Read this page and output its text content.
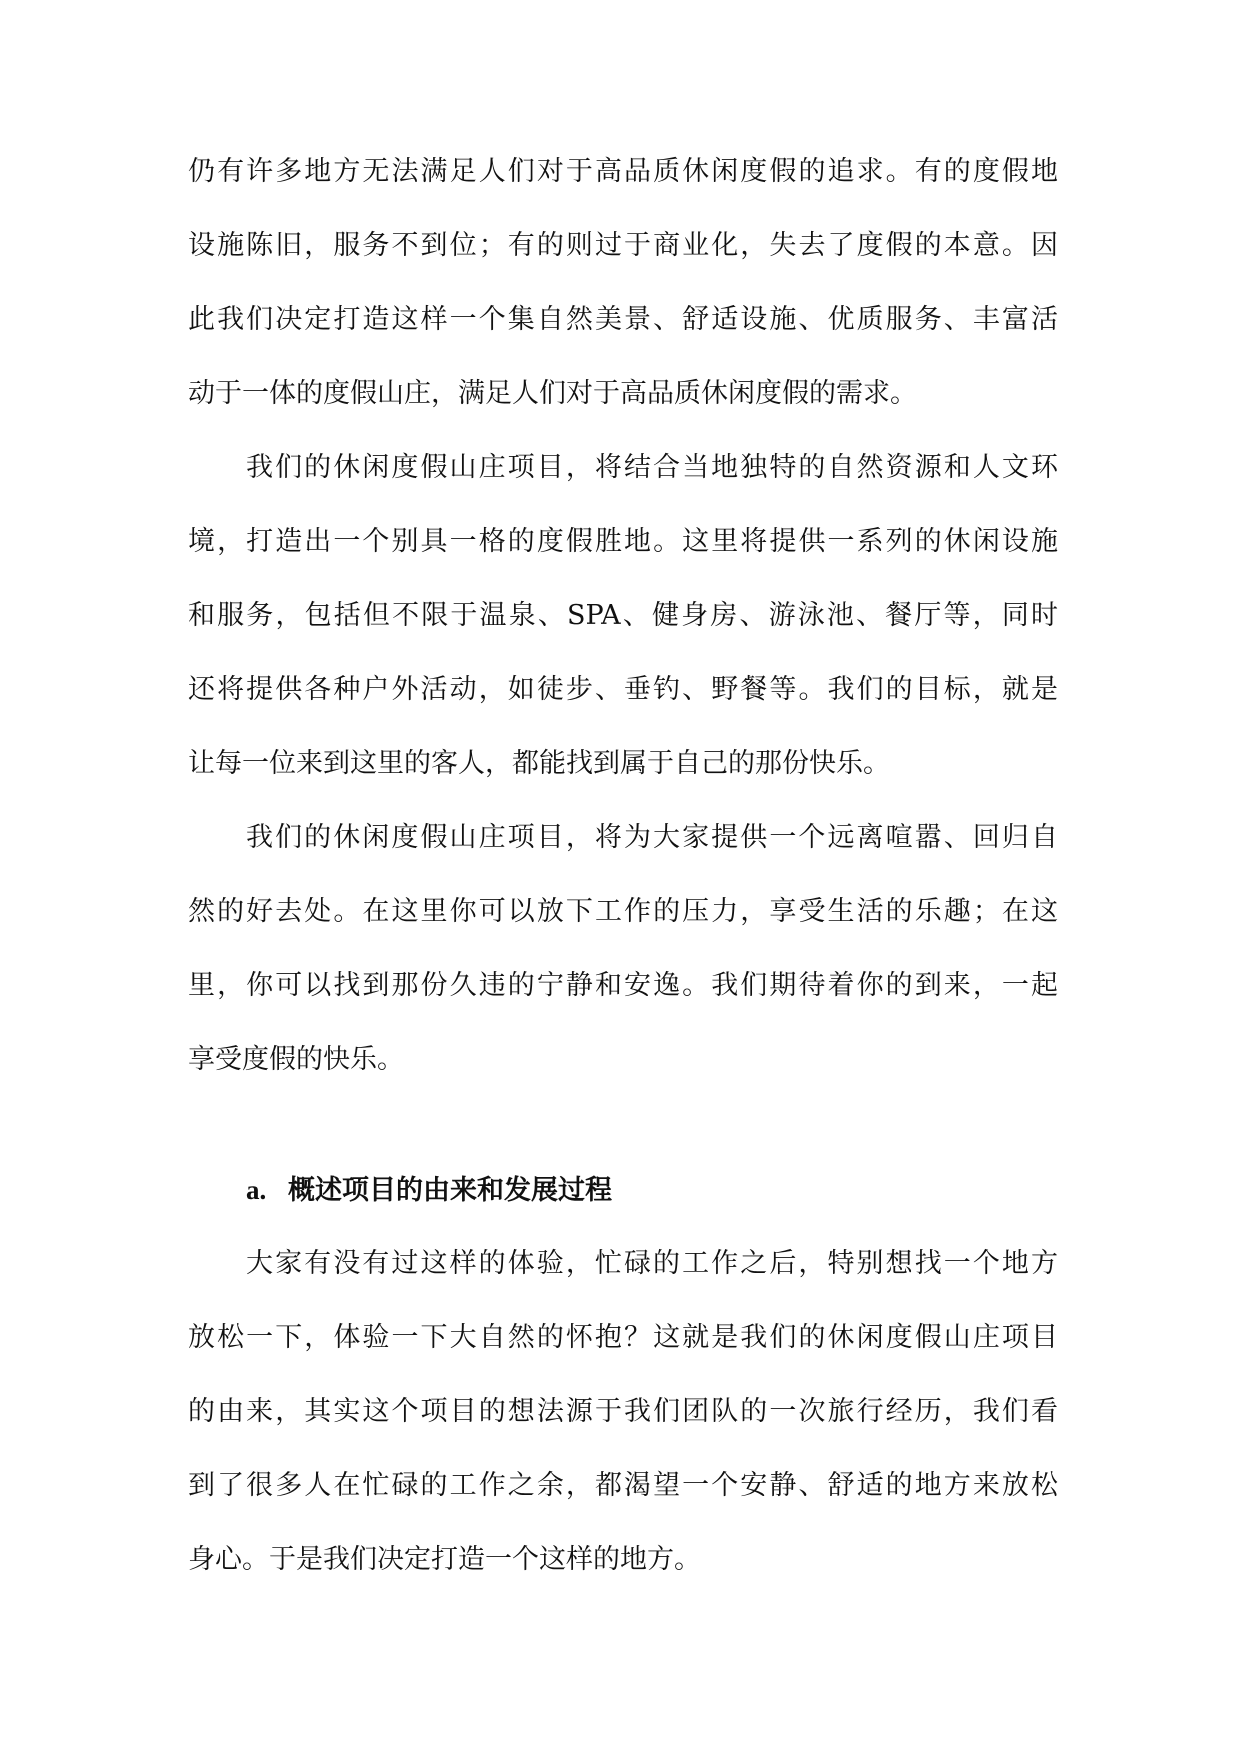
仍有许多地方无法满足人们对于高品质休闲度假的追求。有的度假地
设施陈旧，服务不到位；有的则过于商业化，失去了度假的本意。因
此我们决定打造这样一个集自然美景、舒适设施、优质服务、丰富活
动于一体的度假山庄，满足人们对于高品质休闲度假的需求。
我们的休闲度假山庄项目，将结合当地独特的自然资源和人文环
境，打造出一个别具一格的度假胜地。这里将提供一系列的休闲设施
和服务，包括但不限于温泉、SPA、健身房、游泳池、餐厅等，同时
还将提供各种户外活动，如徒步、垂钓、野餐等。我们的目标，就是
让每一位来到这里的客人，都能找到属于自己的那份快乐。
我们的休闲度假山庄项目，将为大家提供一个远离喧嚣、回归自
然的好去处。在这里你可以放下工作的压力，享受生活的乐趣；在这
里，你可以找到那份久违的宁静和安逸。我们期待着你的到来，一起
享受度假的快乐。
a. 概述项目的由来和发展过程
大家有没有过这样的体验，忙碌的工作之后，特别想找一个地方
放松一下，体验一下大自然的怀抱？这就是我们的休闲度假山庄项目
的由来，其实这个项目的想法源于我们团队的一次旅行经历，我们看
到了很多人在忙碌的工作之余，都渴望一个安静、舒适的地方来放松
身心。于是我们决定打造一个这样的地方。
